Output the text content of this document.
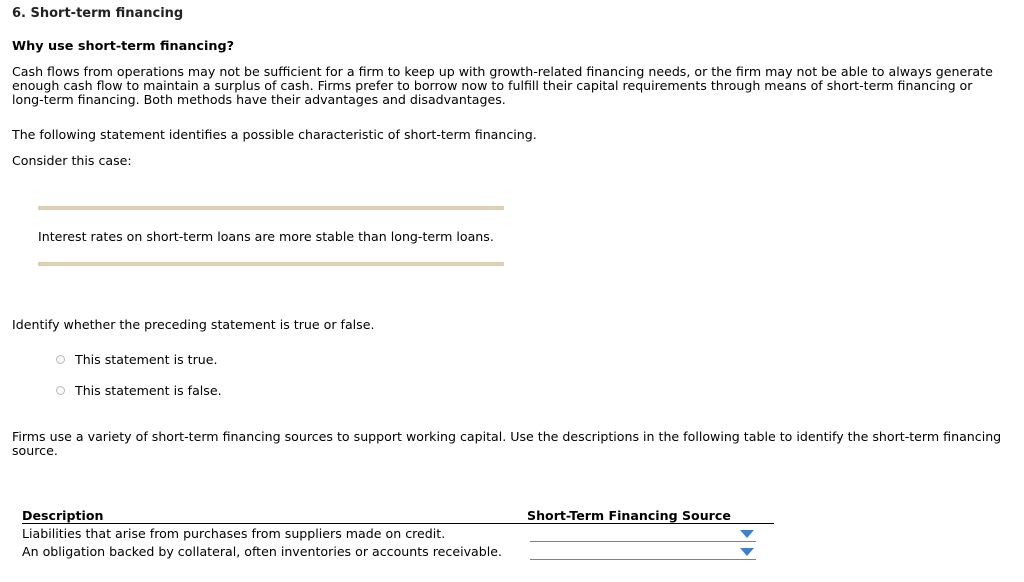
6. Short-term financing
Why use short-term financing?
Cash flows from operations may not be sufficient for a firm to keep up with growth-related financing needs, or the firm may not be able to always generate enough cash flow to maintain a surplus of cash. Firms prefer to borrow now to fulfill their capital requirements through means of short-term financing or long-term financing. Both methods have their advantages and disadvantages.
The following statement identifies a possible characteristic of short-term financing.
Consider this case:
Interest rates on short-term loans are more stable than long-term loans.
Identify whether the preceding statement is true or false.
This statement is true.
This statement is false.
Firms use a variety of short-term financing sources to support working capital. Use the descriptions in the following table to identify the short-term financing source.
Description	Short-Term Financing Source
Liabilities that arise from purchases from suppliers made on credit.
An obligation backed by collateral, often inventories or accounts receivable.
